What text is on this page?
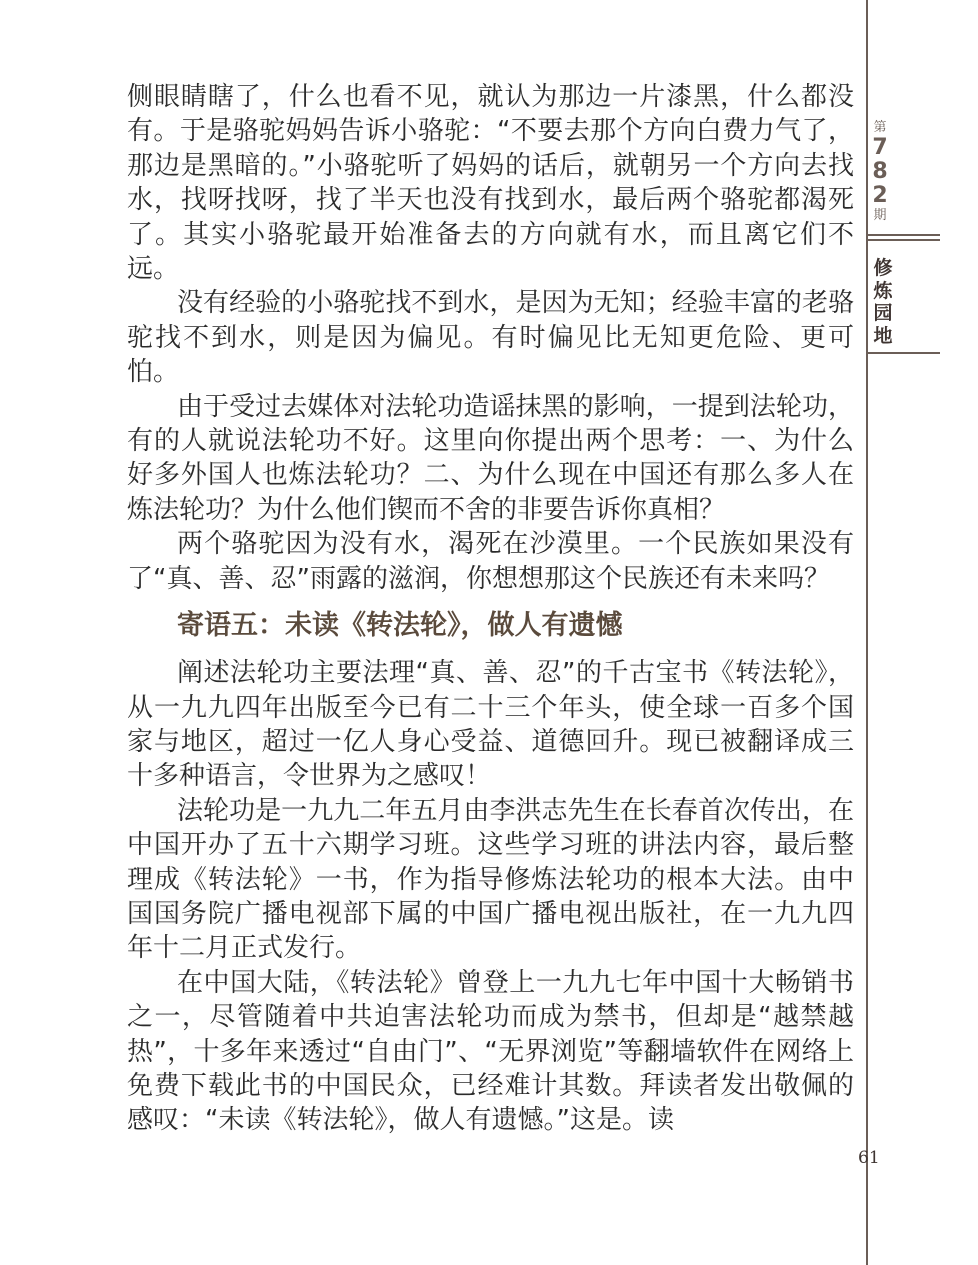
侧眼睛瞎了，什么也看不见，就认为那边一片漆黑，什么都没有。于是骆驼妈妈告诉小骆驼：“不要去那个方向白费力气了，那边是黑暗的。”小骆驼听了妈妈的话后，就朝另一个方向去找水，找呀找呀，找了半天也没有找到水，最后两个骆驼都渴死了。其实小骆驼最开始准备去的方向就有水，而且离它们不远。

没有经验的小骆驼找不到水，是因为无知；经验丰富的老骆驼找不到水，则是因为偏见。有时偏见比无知更危险、更可怕。

由于受过去媒体对法轮功造谣抹黑的影响，一提到法轮功，有的人就说法轮功不好。这里向你提出两个思考：一、为什么好多外国人也炼法轮功？二、为什么现在中国还有那么多人在炼法轮功？为什么他们锲而不舍的非要告诉你真相？

两个骆驼因为没有水，渴死在沙漠里。一个民族如果没有了“真、善、忍”雨露的滋润，你想想那这个民族还有未来吗？

寄语五：未读《转法轮》，做人有遗憾

阐述法轮功主要法理“真、善、忍”的千古宝书《转法轮》，从一九九四年出版至今已有二十三个年头，使全球一百多个国家与地区，超过一亿人身心受益、道德回升。现已被翻译成三十多种语言，令世界为之感叹！

法轮功是一九九二年五月由李洪志先生在长春首次传出，在中国开办了五十六期学习班。这些学习班的讲法内容，最后整理成《转法轮》一书，作为指导修炼法轮功的根本大法。由中国国务院广播电视部下属的中国广播电视出版社，在一九九四年十二月正式发行。

在中国大陆，《转法轮》曾登上一九九七年中国十大畅销书之一，尽管随着中共迫害法轮功而成为禁书，但却是“越禁越热”，十多年来透过“自由门”、“无界浏览”等翻墙软件在网络上免费下载此书的中国民众，已经难计其数。拜读者发出敬佩的感叹：“未读《转法轮》，做人有遗憾。”这是。读

第
7
8
2
期
修
炼
园
地
61
